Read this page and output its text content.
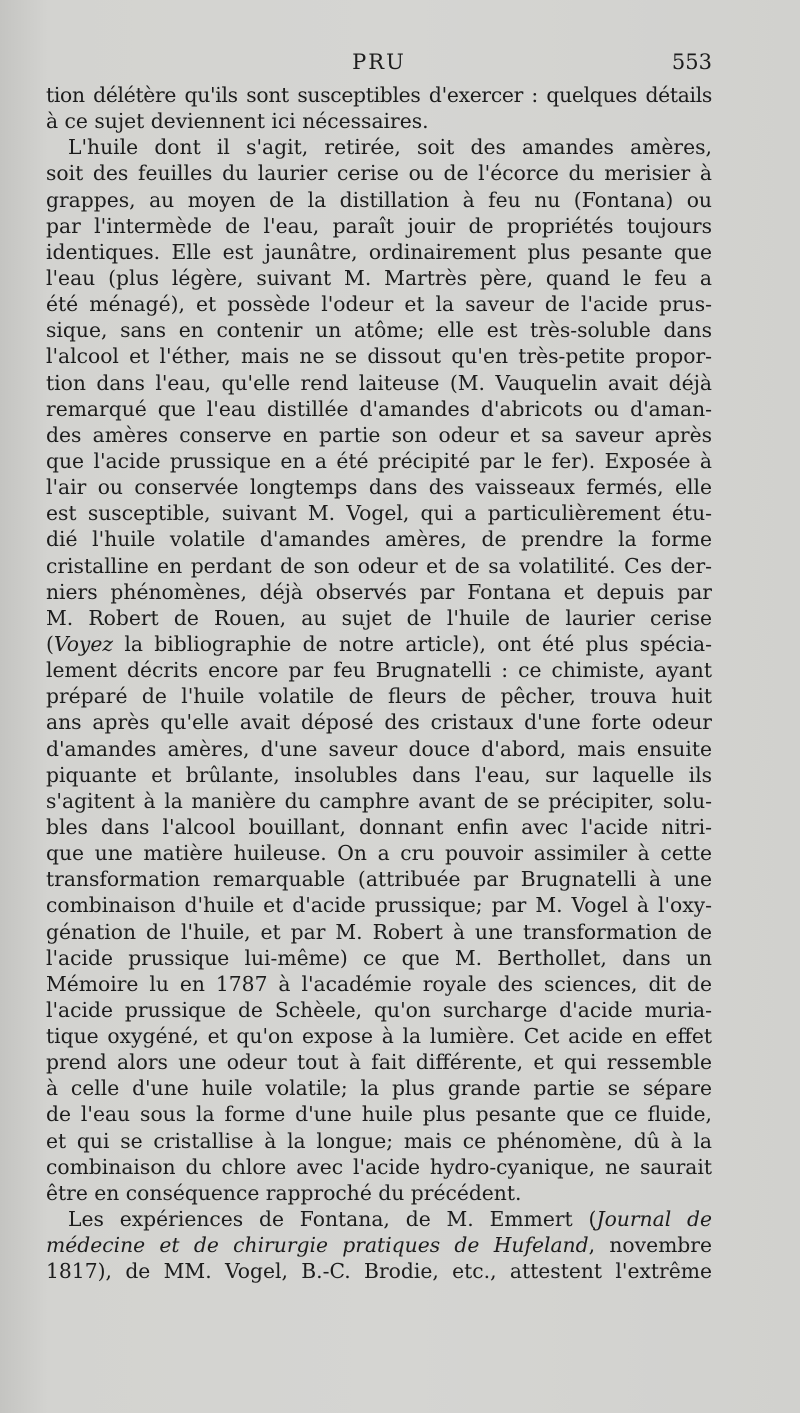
PRU	553
tion délétère qu'ils sont susceptibles d'exercer : quelques détails
à ce sujet deviennent ici nécessaires.
L'huile dont il s'agit, retirée, soit des amandes amères,
soit des feuilles du laurier cerise ou de l'écorce du merisier à
grappes, au moyen de la distillation à feu nu (Fontana) ou
par l'intermède de l'eau, paraît jouir de propriétés toujours
identiques. Elle est jaunâtre, ordinairement plus pesante que
l'eau (plus légère, suivant M. Martrès père, quand le feu a
été ménagé), et possède l'odeur et la saveur de l'acide prus-
sique, sans en contenir un atôme; elle est très-soluble dans
l'alcool et l'éther, mais ne se dissout qu'en très-petite propor-
tion dans l'eau, qu'elle rend laiteuse (M. Vauquelin avait déjà
remarqué que l'eau distillée d'amandes d'abricots ou d'aman-
des amères conserve en partie son odeur et sa saveur après
que l'acide prussique en a été précipité par le fer). Exposée à
l'air ou conservée longtemps dans des vaisseaux fermés, elle
est susceptible, suivant M. Vogel, qui a particulièrement étu-
dié l'huile volatile d'amandes amères, de prendre la forme
cristalline en perdant de son odeur et de sa volatilité. Ces der-
niers phénomènes, déjà observés par Fontana et depuis par
M. Robert de Rouen, au sujet de l'huile de laurier cerise
(Voyez la bibliographie de notre article), ont été plus spécia-
lement décrits encore par feu Brugnatelli : ce chimiste, ayant
préparé de l'huile volatile de fleurs de pêcher, trouva huit
ans après qu'elle avait déposé des cristaux d'une forte odeur
d'amandes amères, d'une saveur douce d'abord, mais ensuite
piquante et brûlante, insolubles dans l'eau, sur laquelle ils
s'agitent à la manière du camphre avant de se précipiter, solu-
bles dans l'alcool bouillant, donnant enfin avec l'acide nitri-
que une matière huileuse. On a cru pouvoir assimiler à cette
transformation remarquable (attribuée par Brugnatelli à une
combinaison d'huile et d'acide prussique; par M. Vogel à l'oxy-
génation de l'huile, et par M. Robert à une transformation de
l'acide prussique lui-même) ce que M. Berthollet, dans un
Mémoire lu en 1787 à l'académie royale des sciences, dit de
l'acide prussique de Schèele, qu'on surcharge d'acide muria-
tique oxygéné, et qu'on expose à la lumière. Cet acide en effet
prend alors une odeur tout à fait différente, et qui ressemble
à celle d'une huile volatile; la plus grande partie se sépare
de l'eau sous la forme d'une huile plus pesante que ce fluide,
et qui se cristallise à la longue; mais ce phénomène, dû à la
combinaison du chlore avec l'acide hydro-cyanique, ne saurait
être en conséquence rapproché du précédent.
Les expériences de Fontana, de M. Emmert (Journal de
médecine et de chirurgie pratiques de Hufeland, novembre
1817), de MM. Vogel, B.-C. Brodie, etc., attestent l'extrême
